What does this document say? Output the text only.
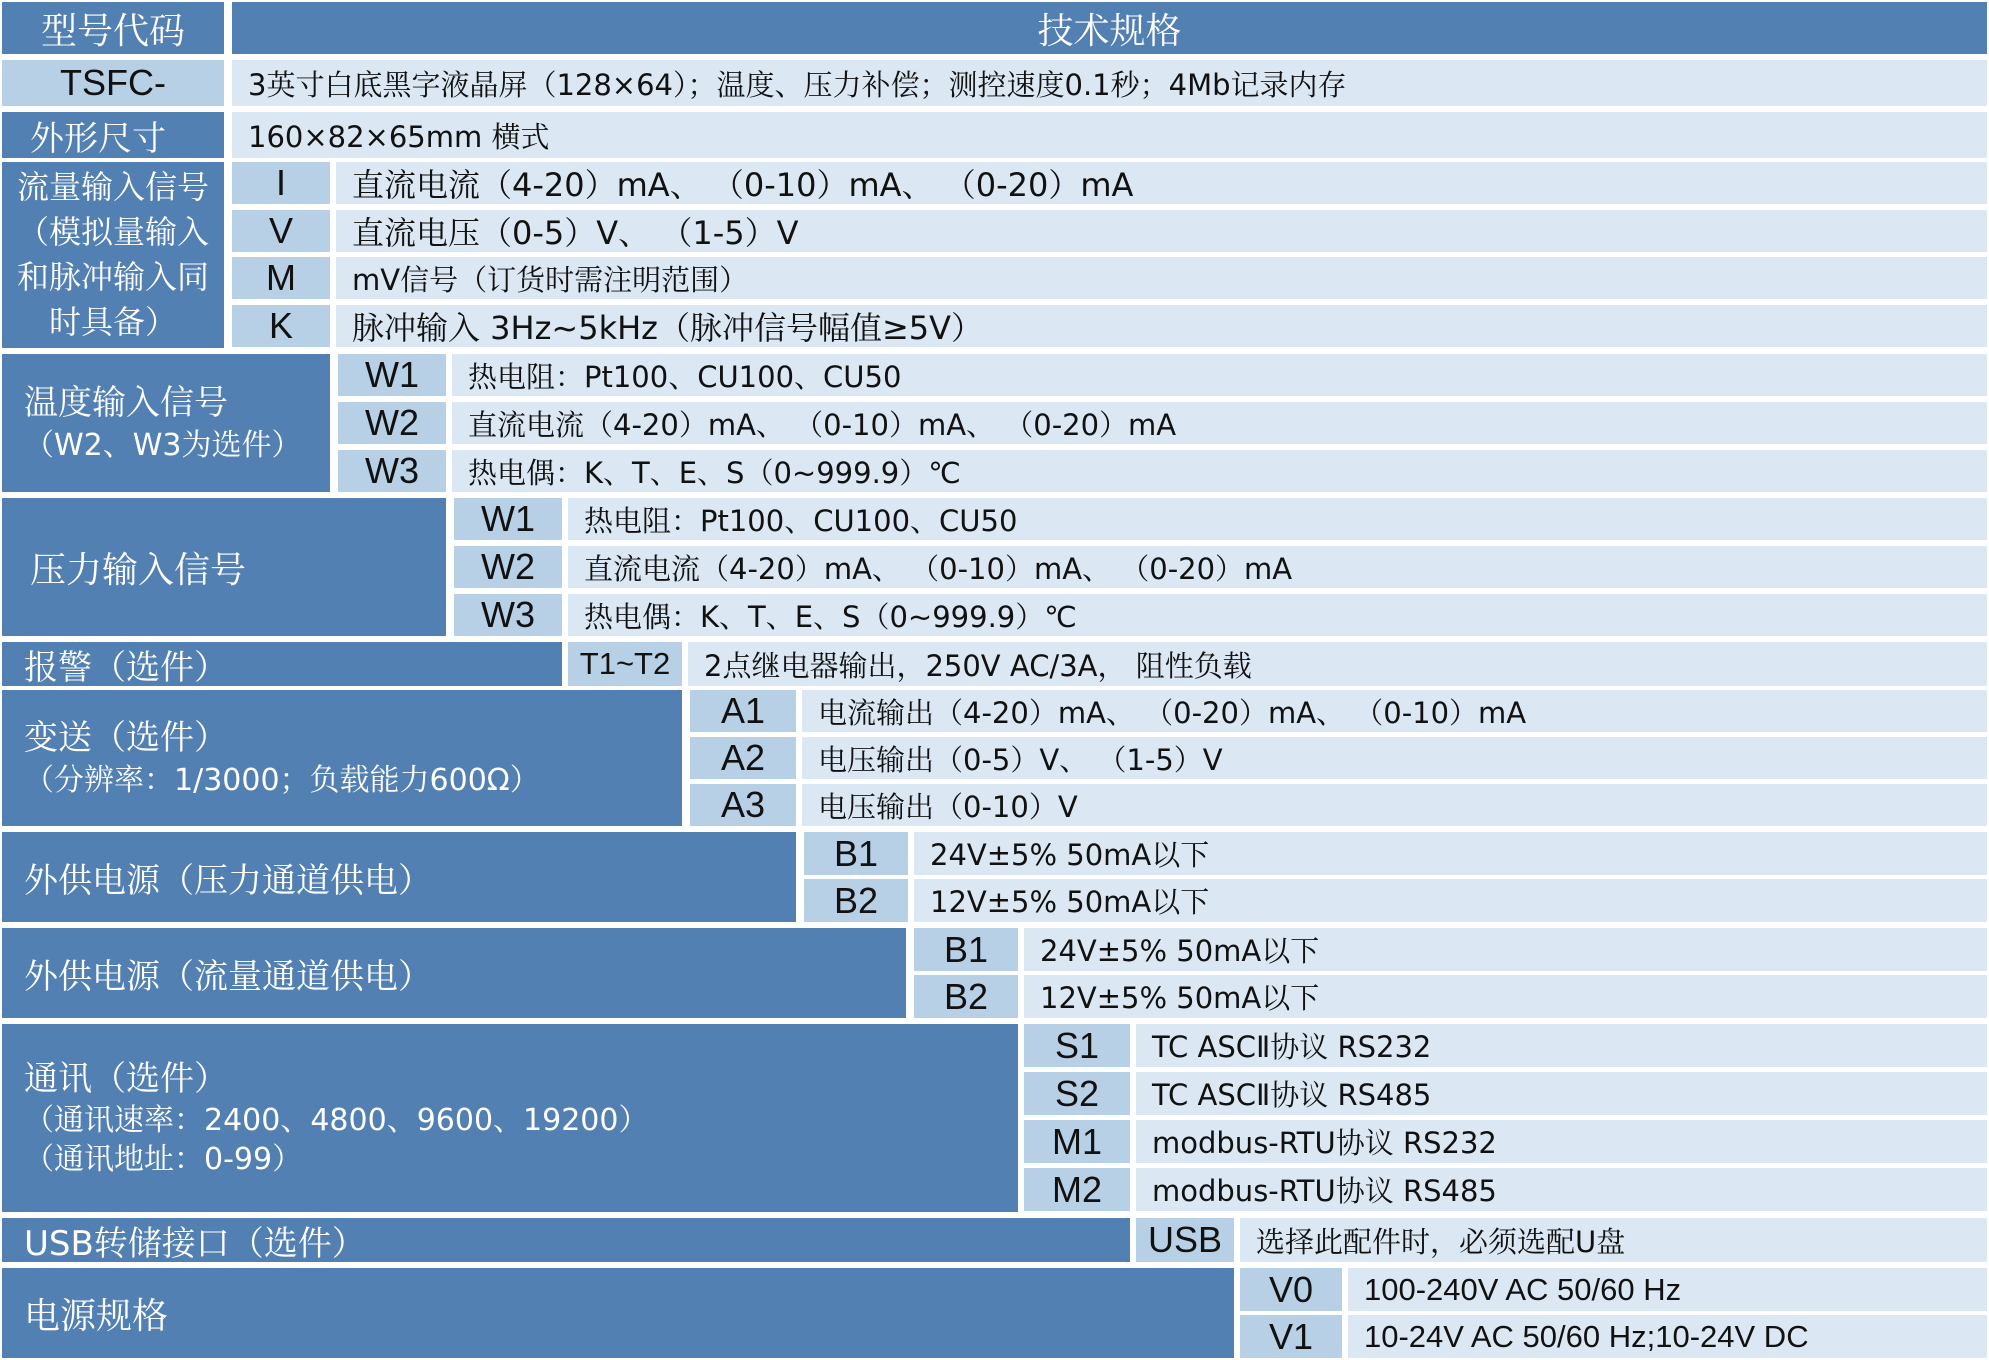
型号代码	技术规格
TSFC-	3英寸白底黑字液晶屏（128×64）；温度、压力补偿；测控速度0.1秒；4Mb记录内存
外形尺寸	160×82×65mm 横式
流量输入信号
（模拟量输入
和脉冲输入同
时具备）
I	直流电流（4-20）mA、 （0-10）mA、 （0-20）mA
V	直流电压（0-5）V、 （1-5）V
M	mV信号（订货时需注明范围）
K	脉冲输入 3Hz~5kHz（脉冲信号幅值≥5V）
温度输入信号
（W2、W3为选件）
W1	热电阻：Pt100、CU100、CU50
W2	直流电流（4-20）mA、 （0-10）mA、 （0-20）mA
W3	热电偶：K、T、E、S（0~999.9）℃
压力输入信号
W1	热电阻：Pt100、CU100、CU50
W2	直流电流（4-20）mA、 （0-10）mA、 （0-20）mA
W3	热电偶：K、T、E、S（0~999.9）℃
报警（选件）	T1~T2	2点继电器输出，250V AC/3A， 阻性负载
变送（选件）
（分辨率：1/3000；负载能力600Ω）
A1	电流输出（4-20）mA、 （0-20）mA、 （0-10）mA
A2	电压输出（0-5）V、 （1-5）V
A3	电压输出（0-10）V
外供电源（压力通道供电）
B1	24V±5% 50mA以下
B2	12V±5% 50mA以下
外供电源（流量通道供电）
B1	24V±5% 50mA以下
B2	12V±5% 50mA以下
通讯（选件）
（通讯速率：2400、4800、9600、19200）
（通讯地址：0-99）
S1	TC ASCⅡ协议 RS232
S2	TC ASCⅡ协议 RS485
M1	modbus-RTU协议 RS232
M2	modbus-RTU协议 RS485
USB转储接口（选件）	USB	选择此配件时，必须选配U盘
电源规格
V0	100-240V AC 50/60 Hz
V1	10-24V AC 50/60 Hz;10-24V DC
